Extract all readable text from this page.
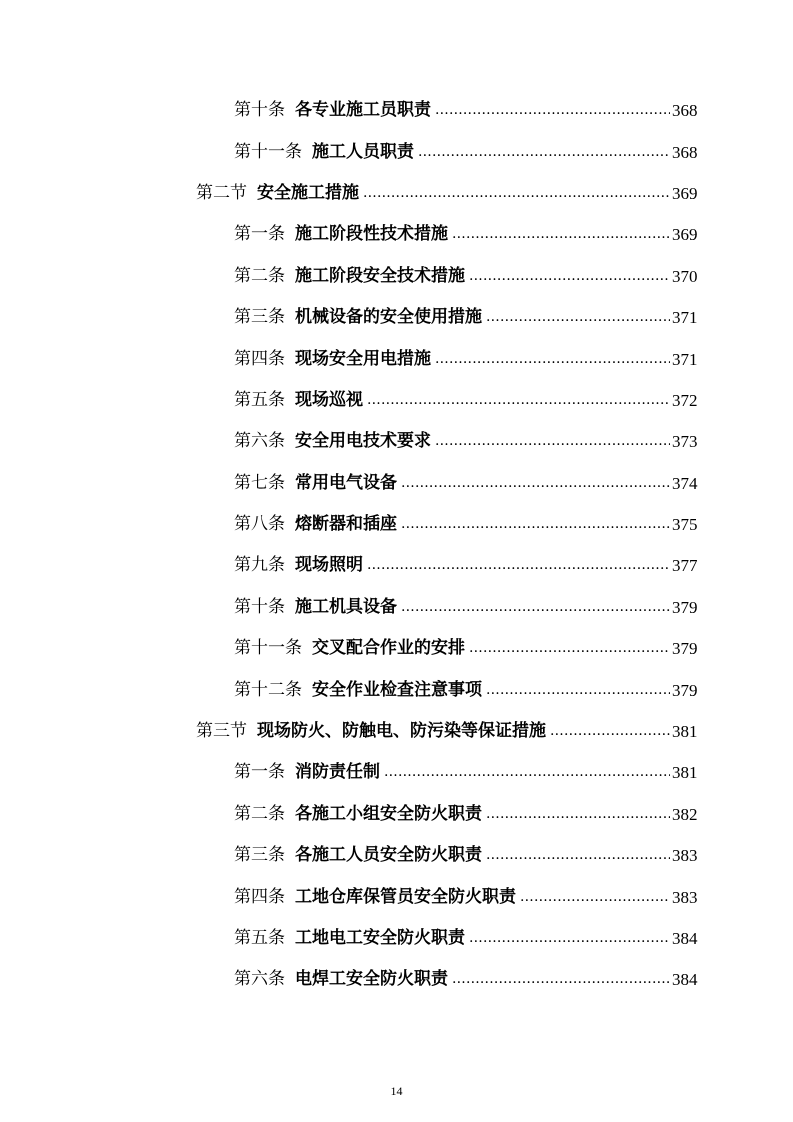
第十条 各专业施工员职责 .....	368
第十一条 施工人员职责 .....	368
第二节 安全施工措施 .....	369
第一条 施工阶段性技术措施 .....	369
第二条 施工阶段安全技术措施 .....	370
第三条 机械设备的安全使用措施 .....	371
第四条 现场安全用电措施 .....	371
第五条 现场巡视 .....	372
第六条 安全用电技术要求 .....	373
第七条 常用电气设备 .....	374
第八条 熔断器和插座 .....	375
第九条 现场照明 .....	377
第十条 施工机具设备 .....	379
第十一条 交叉配合作业的安排 .....	379
第十二条 安全作业检查注意事项 .....	379
第三节 现场防火、防触电、防污染等保证措施 .....	381
第一条 消防责任制 .....	381
第二条 各施工小组安全防火职责 .....	382
第三条 各施工人员安全防火职责 .....	383
第四条 工地仓库保管员安全防火职责 .....	383
第五条 工地电工安全防火职责 .....	384
第六条 电焊工安全防火职责 .....	384
14
